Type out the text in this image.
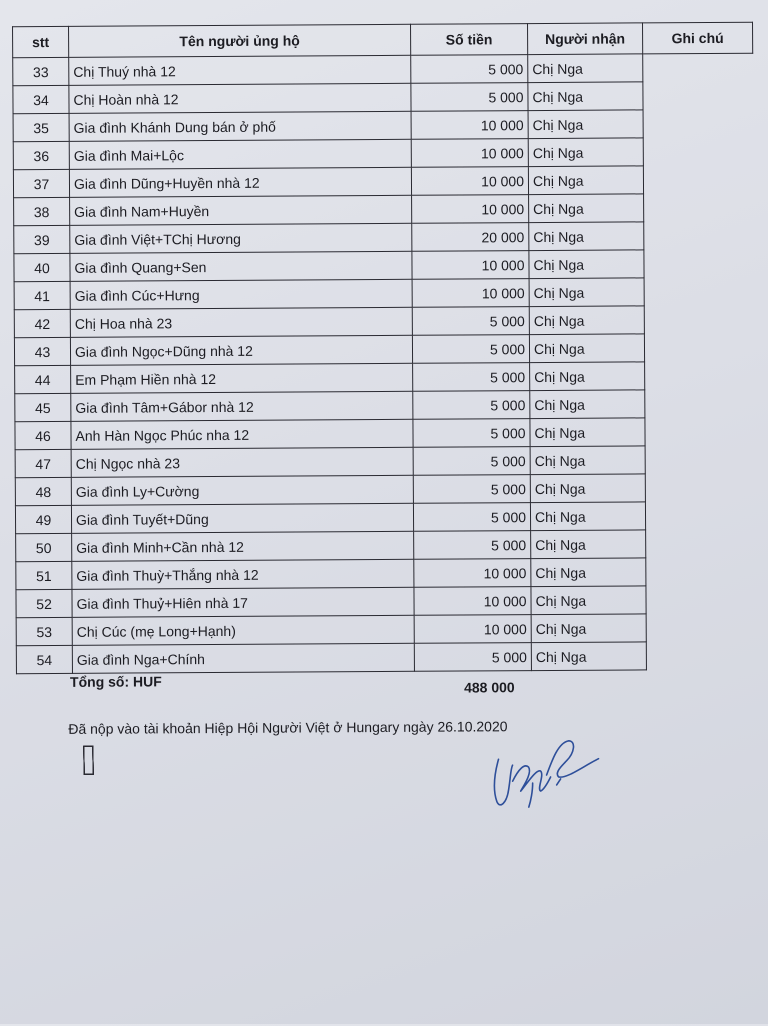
stt	Tên người ủng hộ	Số tiền	Người nhận	Ghi chú
33	Chị Thuý nhà 12	5 000	Chị Nga	

34	Chị Hoàn nhà 12	5 000	Chị Nga	

35	Gia đình Khánh Dung bán ở phố	10 000	Chị Nga	

36	Gia đình Mai+Lộc	10 000	Chị Nga	

37	Gia đình Dũng+Huyền nhà 12	10 000	Chị Nga	

38	Gia đình Nam+Huyền	10 000	Chị Nga	

39	Gia đình Việt+TChị Hương	20 000	Chị Nga	

40	Gia đình Quang+Sen	10 000	Chị Nga	

41	Gia đình Cúc+Hưng	10 000	Chị Nga	

42	Chị Hoa nhà 23	5 000	Chị Nga	

43	Gia đình Ngọc+Dũng nhà 12	5 000	Chị Nga	

44	Em Phạm Hiền nhà 12	5 000	Chị Nga	

45	Gia đình Tâm+Gábor nhà 12	5 000	Chị Nga	

46	Anh Hàn Ngọc Phúc nha 12	5 000	Chị Nga	

47	Chị Ngọc nhà 23	5 000	Chị Nga	

48	Gia đình Ly+Cường	5 000	Chị Nga	

49	Gia đình Tuyết+Dũng	5 000	Chị Nga	

50	Gia đình Minh+Cần nhà 12	5 000	Chị Nga	

51	Gia đình Thuỳ+Thắng nhà 12	10 000	Chị Nga	

52	Gia đình Thuỷ+Hiên nhà 17	10 000	Chị Nga	

53	Chị Cúc (mẹ Long+Hạnh)	10 000	Chị Nga	

54	Gia đình Nga+Chính	5 000	Chị Nga	
Tổng số: HUF	488 000
Đã nộp vào tài khoản Hiệp Hội Người Việt ở Hungary ngày 26.10.2020
